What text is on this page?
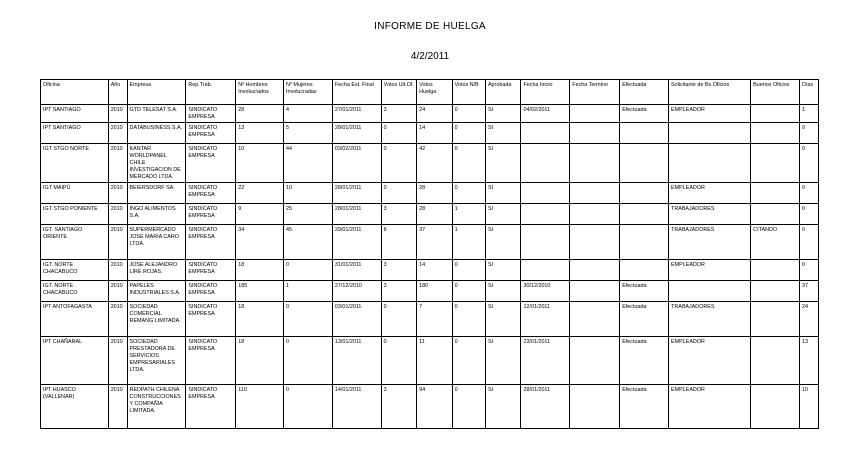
INFORME DE HUELGA
4/2/2011
Oficina	Año	Empresa	Rep.Trab.	Nº Hombres Involucrados	Nº Mujeres Involucradas	Fecha Est. Final	Votos Ult.Of.	Votos Huelga	Votos N/B	Aprobada	Fecha Inicio	Fecha Termino	Efectuada	Solicitante de Bs.Oficios	Buenos Oficios	Días
IPT SANTIAGO	2010	GTD TELESAT S.A.	SINDICATO EMPRESA	28	4	27/01/2011	3	24	0	SI	04/02/2011		Efectuada	EMPLEADOR		1
IPT SANTIAGO	2010	DATABUSINESS S.A.	SINDICATO EMPRESA	13	5	28/01/2011	0	14	0	SI						0
IGT STGO NORTE	2010	KANTAR WORLDPANEL CHILE INVESTIGACION DE MERCADO LTDA.	SINDICATO EMPRESA	10	44	03/02/2011	0	42	0	SI						0
IGT MAIPÚ	2010	BEIERSDORF SA.	SINDICATO EMPRESA	22	10	28/01/2011	0	28	0	SI				EMPLEADOR		0
IGT STGO PONIENTE	2010	INGO ALIMENTOS S.A.	SINDICATO EMPRESA	9	25	28/01/2011	3	28	1	SI				TRABAJADORES		0
IGT. SANTIAGO ORIENTE	2010	SUPERMERCADO JOSE MARIA CARO LTDA.	SINDICATO EMPRESA	34	45	29/01/2011	8	37	1	SI				TRABAJADORES	CITANDO	0
IGT. NORTE CHACABUCO	2010	JOSE ALEJANDRO LIRE ROJAS.	SINDICATO EMPRESA	18	0	31/01/2011	3	14	0	SI				EMPLEADOR		0
IGT. NORTE CHACABUCO	2010	PAPELES INDUSTRIALES S.A.	SINDICATO EMPRESA	185	1	27/12/2010	3	180	0	SI	30/12/2010		Efectuada			37
IPT ANTOFAGASTA	2010	SOCIEDAD COMERCIAL REMANG LIMITADA.	SINDICATO EMPRESA	18	0	03/01/2011	0	7	0	SI	12/01/2011		Efectuada	TRABAJADORES		24
IPT CHAÑARAL	2010	SOCIEDAD PRESTADORA DE SERVICIOS EMPRESARIALES LTDA.	SINDICATO EMPRESA	18	0	13/01/2011	0	11	0	SI	23/01/2011		Efectuada	EMPLEADOR		13
IPT HUASCO (VALLENAR)	2010	REDPATH CHILENA CONSTRUCCIONES Y COMPAÑIA LIMITADA.	SINDICATO EMPRESA	110	0	14/01/2011	3	94	0	SI	28/01/2011		Efectuada	EMPLEADOR		10
